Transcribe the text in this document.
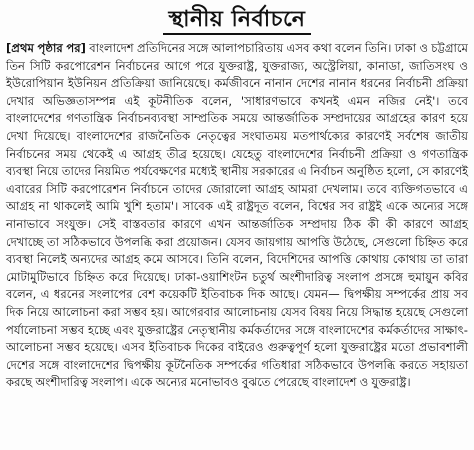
স্থানীয় নির্বাচনে
[প্রথম পৃষ্ঠার পর] বাংলাদেশ প্রতিদিনের সঙ্গে আলাপচারিতায় এসব কথা বলেন তিনি। ঢাকা ও চট্টগ্রামে তিন সিটি করপোরেশন নির্বাচনের আগে পরে যুক্তরাষ্ট্র, যুক্তরাজ্য, অস্ট্রেলিয়া, কানাডা, জাতিসংঘ ও ইউরোপিয়ান ইউনিয়ন প্রতিক্রিয়া জানিয়েছে। কর্মজীবনে নানান দেশের নানান ধরনের নির্বাচনী প্রক্রিয়া দেখার অভিজ্ঞতাসম্পন্ন এই কূটনীতিক বলেন, 'সাধারণভাবে কখনই এমন নজির নেই'। তবে বাংলাদেশের গণতান্ত্রিক নির্বাচনব্যবস্থা সাম্প্রতিক সময়ে আন্তর্জাতিক সম্প্রদায়ের আগ্রহের কারণ হয়ে দেখা দিয়েছে। বাংলাদেশের রাজনৈতিক নেতৃত্বের সংঘাতময় মতপার্থক্যের কারণেই সর্বশেষ জাতীয় নির্বাচনের সময় থেকেই এ আগ্রহ তীব্র হয়েছে। যেহেতু বাংলাদেশের নির্বাচনী প্রক্রিয়া ও গণতান্ত্রিক ব্যবস্থা নিয়ে তাদের নিয়মিত পর্যবেক্ষণের মধ্যেই স্থানীয় সরকারের এ নির্বাচন অনুষ্ঠিত হলো, সে কারণেই এবারের সিটি করপোরেশন নির্বাচনে তাদের জোরালো আগ্রহ আমরা দেখলাম। তবে ব্যক্তিগতভাবে এ আগ্রহ না থাকলেই আমি খুশি হতাম'। সাবেক এই রাষ্ট্রদূত বলেন, বিশ্বের সব রাষ্ট্রই একে অন্যের সঙ্গে নানাভাবে সংযুক্ত। সেই বাস্তবতার কারণে এখন আন্তর্জাতিক সম্প্রদায় ঠিক কী কী কারণে আগ্রহ দেখাচ্ছে তা সঠিকভাবে উপলব্ধি করা প্রয়োজন। যেসব জায়গায় আপত্তি উঠেছে, সেগুলো চিহ্নিত করে ব্যবস্থা নিলেই অন্যদের আগ্রহ কমে আসবে। তিনি বলেন, বিদেশিদের আপত্তি কোথায় কোথায় তা তারা মোটামুটিভাবে চিহ্নিত করে দিয়েছে। ঢাকা-ওয়াশিংটন চতুর্থ অংশীদারিত্ব সংলাপ প্রসঙ্গে হুমায়ুন কবির বলেন, এ ধরনের সংলাপের বেশ কয়েকটি ইতিবাচক দিক আছে। যেমন— দ্বিপক্ষীয় সম্পর্কের প্রায় সব দিক নিয়ে আলোচনা করা সম্ভব হয়। আগেরবার আলোচনায় যেসব বিষয় নিয়ে সিদ্ধান্ত হয়েছে সেগুলো পর্যালোচনা সম্ভব হচ্ছে এবং যুক্তরাষ্ট্রের নেতৃস্থানীয় কর্মকর্তাদের সঙ্গে বাংলাদেশের কর্মকর্তাদের সাক্ষাৎ-আলোচনা সম্ভব হয়েছে। এসব ইতিবাচক দিকের বাইরেও গুরুত্বপূর্ণ হলো যুক্তরাষ্ট্রের মতো প্রভাবশালী দেশের সঙ্গে বাংলাদেশের দ্বিপক্ষীয় কূটনৈতিক সম্পর্কের গতিধারা সঠিকভাবে উপলব্ধি করতে সহায়তা করছে অংশীদারিত্ব সংলাপ। একে অন্যের মনোভাবও বুঝতে পেরেছে বাংলাদেশ ও যুক্তরাষ্ট্র।
